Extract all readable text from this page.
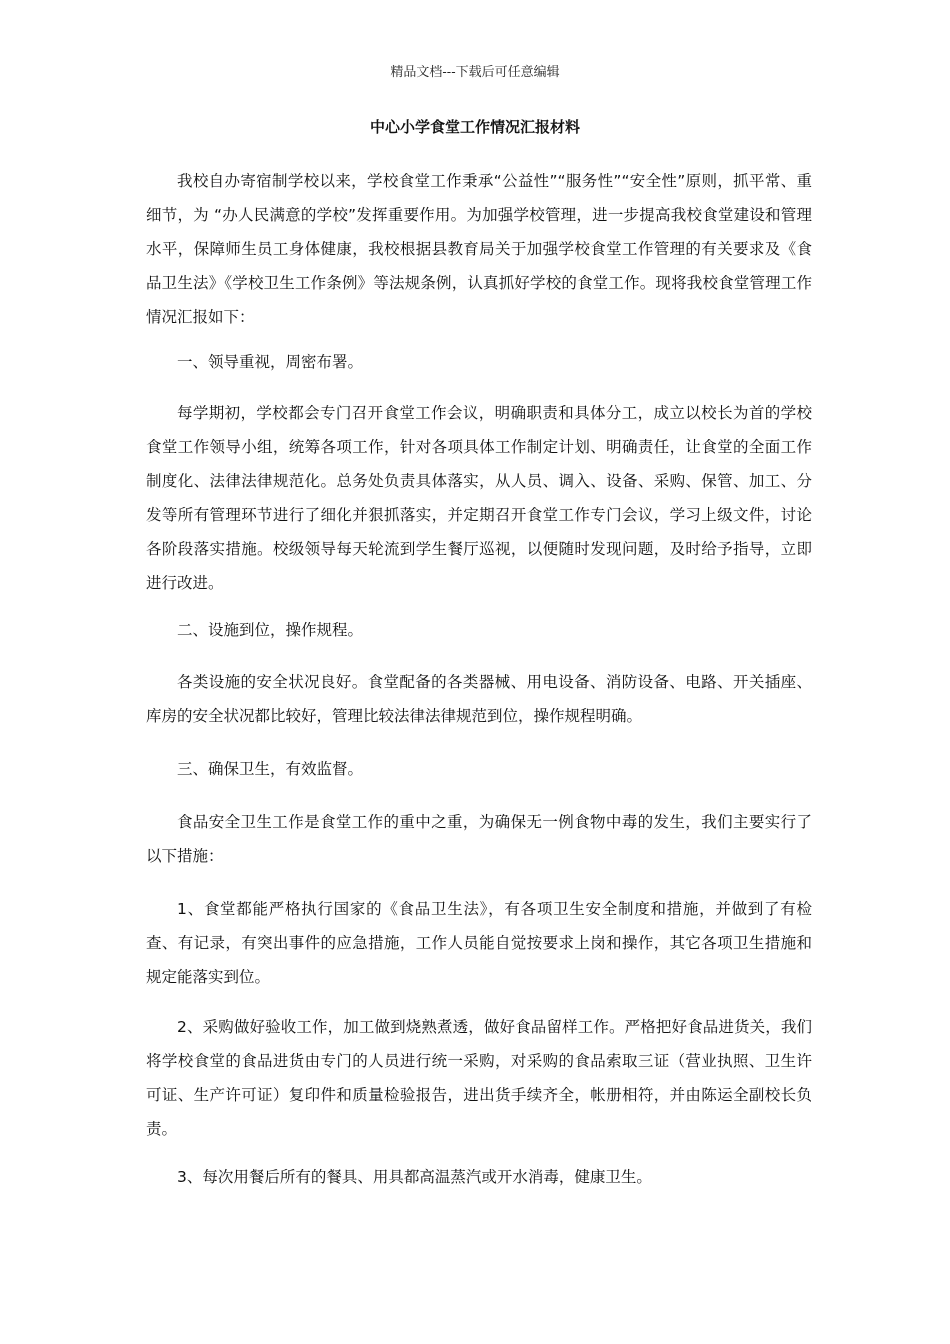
精品文档---下载后可任意编辑
中心小学食堂工作情况汇报材料

我校自办寄宿制学校以来，学校食堂工作秉承“公益性”“服务性”“安全性”原则，抓平常、重细节，为 “办人民满意的学校”发挥重要作用。为加强学校管理，进一步提高我校食堂建设和管理水平，保障师生员工身体健康，我校根据县教育局关于加强学校食堂工作管理的有关要求及《食品卫生法》《学校卫生工作条例》等法规条例，认真抓好学校的食堂工作。现将我校食堂管理工作情况汇报如下：

一、领导重视，周密布署。

每学期初，学校都会专门召开食堂工作会议，明确职责和具体分工，成立以校长为首的学校食堂工作领导小组，统筹各项工作，针对各项具体工作制定计划、明确责任，让食堂的全面工作制度化、法律法律规范化。总务处负责具体落实，从人员、调入、设备、采购、保管、加工、分发等所有管理环节进行了细化并狠抓落实，并定期召开食堂工作专门会议，学习上级文件，讨论各阶段落实措施。校级领导每天轮流到学生餐厅巡视，以便随时发现问题，及时给予指导，立即进行改进。

二、设施到位，操作规程。

各类设施的安全状况良好。食堂配备的各类器械、用电设备、消防设备、电路、开关插座、库房的安全状况都比较好，管理比较法律法律规范到位，操作规程明确。

三、确保卫生，有效监督。

食品安全卫生工作是食堂工作的重中之重，为确保无一例食物中毒的发生，我们主要实行了以下措施：

1、食堂都能严格执行国家的《食品卫生法》，有各项卫生安全制度和措施，并做到了有检查、有记录，有突出事件的应急措施，工作人员能自觉按要求上岗和操作，其它各项卫生措施和规定能落实到位。

2、采购做好验收工作，加工做到烧熟煮透，做好食品留样工作。严格把好食品进货关，我们将学校食堂的食品进货由专门的人员进行统一采购，对采购的食品索取三证（营业执照、卫生许可证、生产许可证）复印件和质量检验报告，进出货手续齐全，帐册相符，并由陈运全副校长负责。

3、每次用餐后所有的餐具、用具都高温蒸汽或开水消毒，健康卫生。
